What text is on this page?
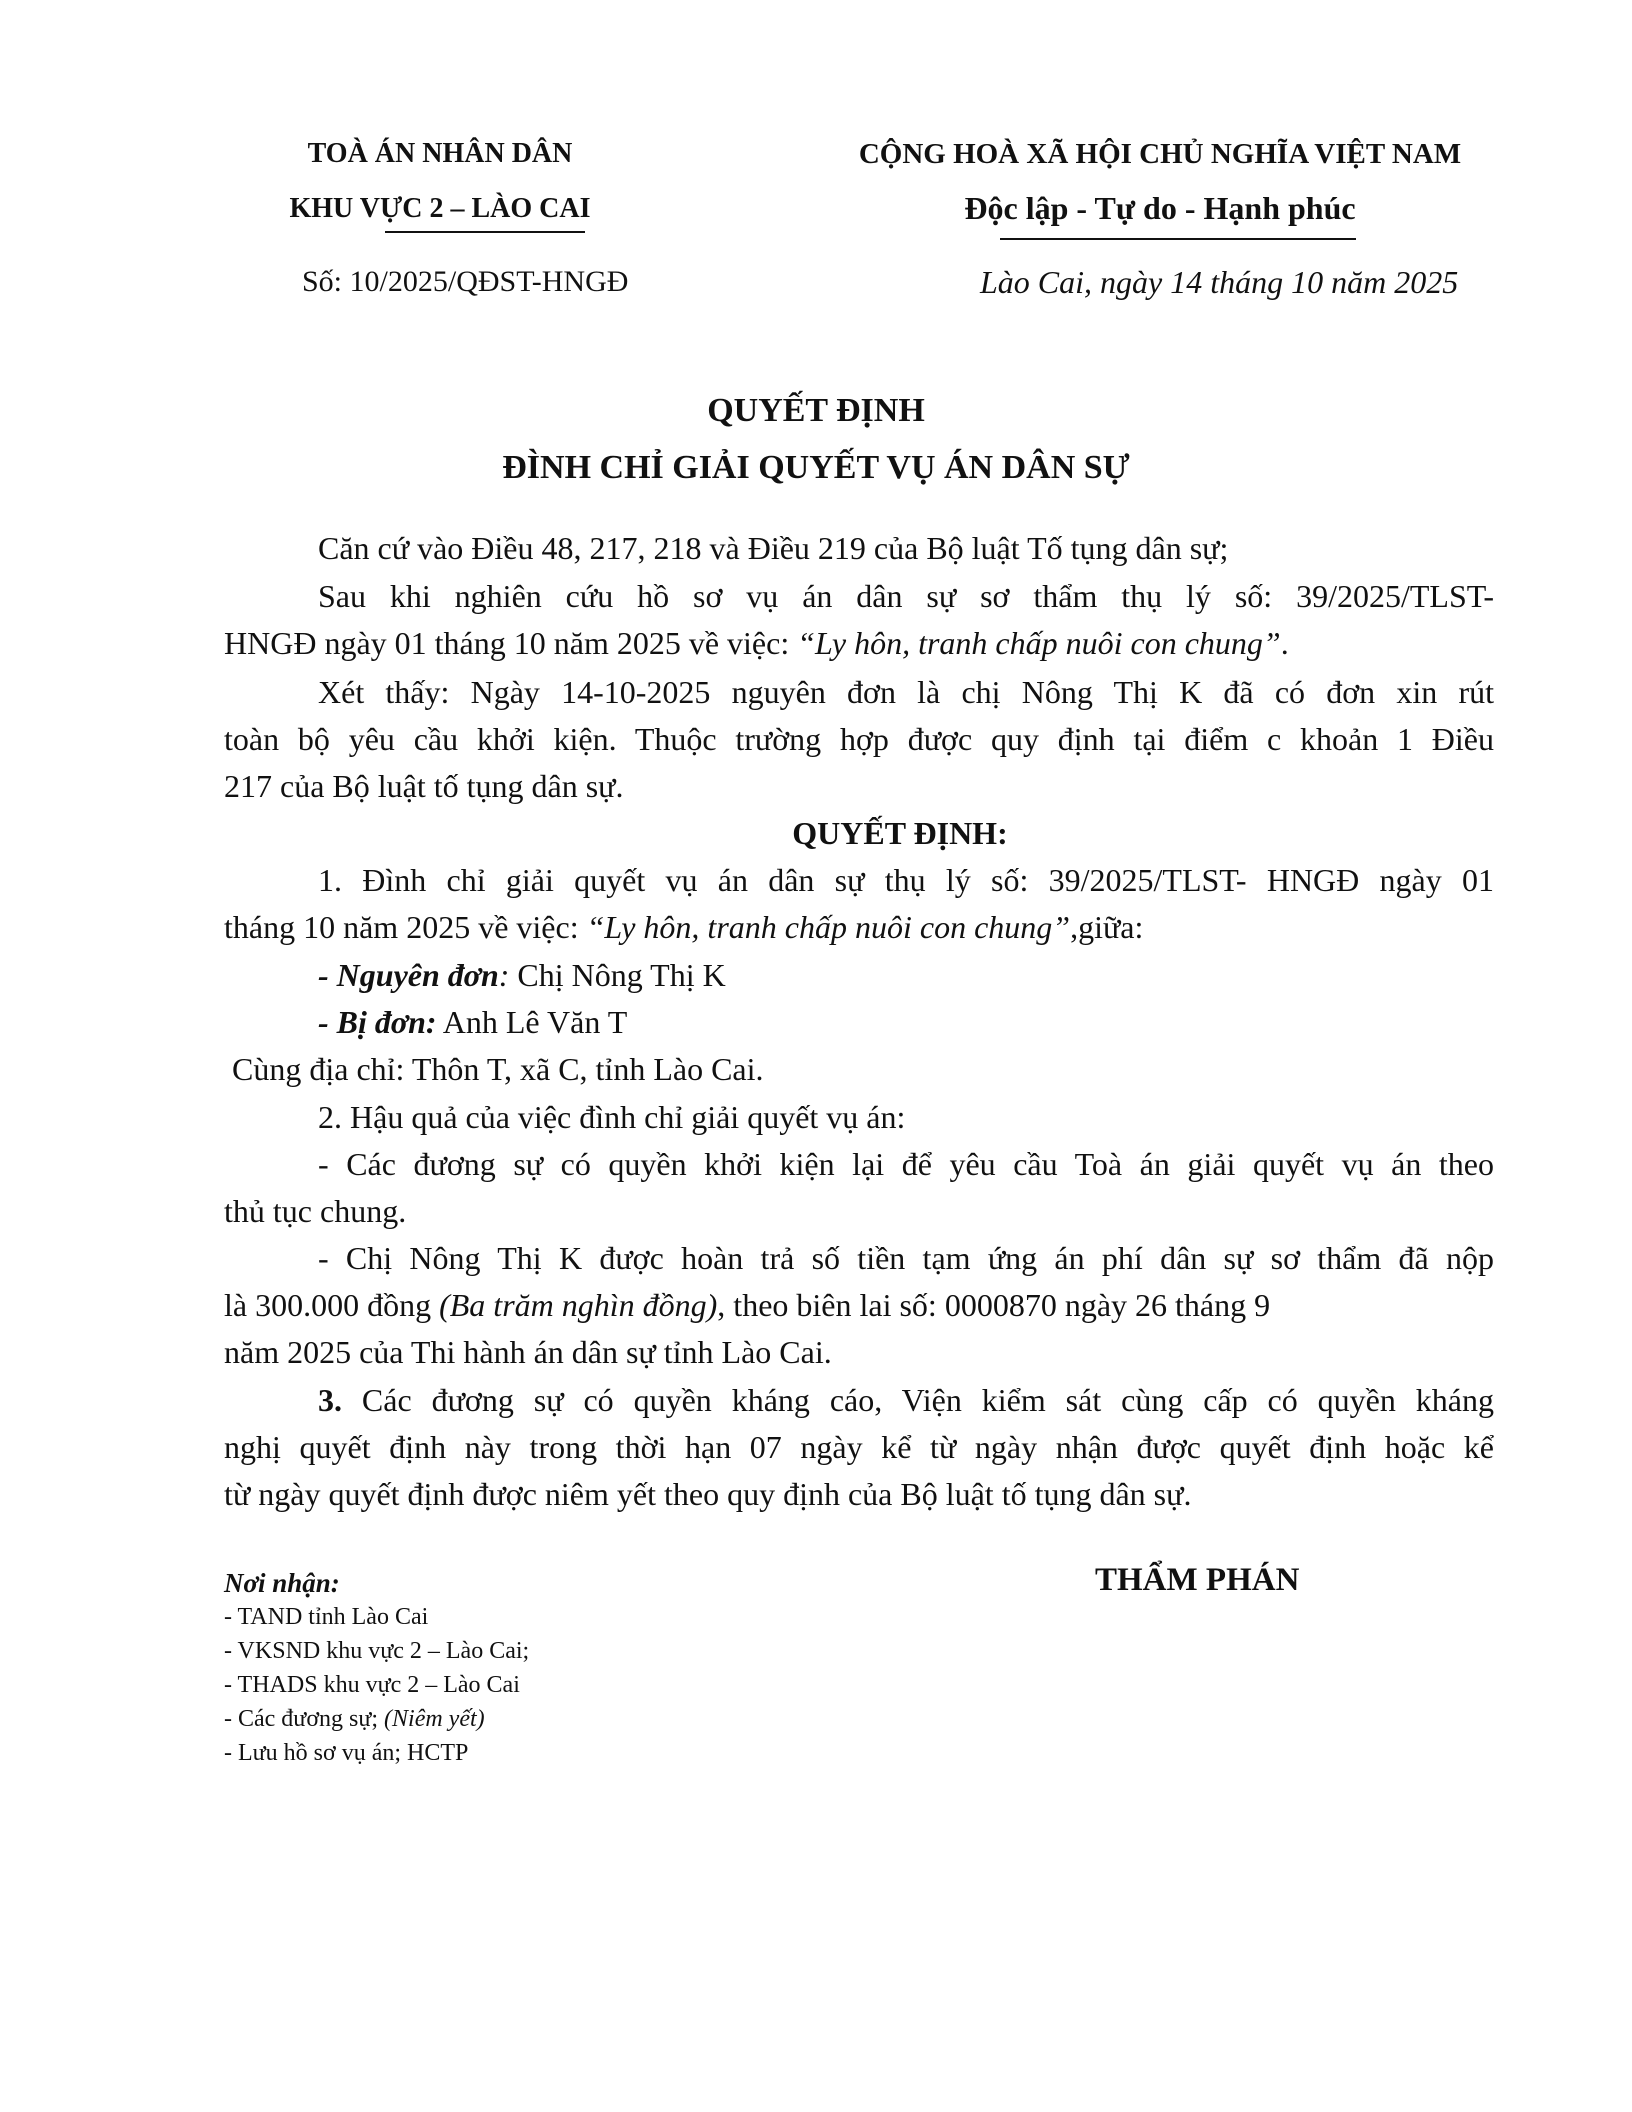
TOÀ ÁN NHÂN DÂN
KHU VỰC 2 – LÀO CAI
CỘNG HOÀ XÃ HỘI CHỦ NGHĨA VIỆT NAM
Độc lập - Tự do - Hạnh phúc
Số: 10/2025/QĐST-HNGĐ	Lào Cai, ngày 14 tháng 10 năm 2025
QUYẾT ĐỊNH
ĐÌNH CHỈ GIẢI QUYẾT VỤ ÁN DÂN SỰ
Căn cứ vào Điều 48, 217, 218 và Điều 219 của Bộ luật Tố tụng dân sự;
Sau khi nghiên cứu hồ sơ vụ án dân sự sơ thẩm thụ lý số: 39/2025/TLST-
HNGĐ ngày 01 tháng 10 năm 2025 về việc: “Ly hôn, tranh chấp nuôi con chung”.
Xét thấy: Ngày 14-10-2025 nguyên đơn là chị Nông Thị K đã có đơn xin rút
toàn bộ yêu cầu khởi kiện. Thuộc trường hợp được quy định tại điểm c khoản 1 Điều
217 của Bộ luật tố tụng dân sự.
QUYẾT ĐỊNH:
1. Đình chỉ giải quyết vụ án dân sự thụ lý số: 39/2025/TLST- HNGĐ ngày 01
tháng 10 năm 2025 về việc: “Ly hôn, tranh chấp nuôi con chung”,giữa:
- Nguyên đơn: Chị Nông Thị K
- Bị đơn: Anh Lê Văn T
Cùng địa chỉ: Thôn T, xã C, tỉnh Lào Cai.
2. Hậu quả của việc đình chỉ giải quyết vụ án:
- Các đương sự có quyền khởi kiện lại để yêu cầu Toà án giải quyết vụ án theo
thủ tục chung.
- Chị Nông Thị K được hoàn trả số tiền tạm ứng án phí dân sự sơ thẩm đã nộp
là 300.000 đồng (Ba trăm nghìn đồng), theo biên lai số: 0000870 ngày 26 tháng 9
năm 2025 của Thi hành án dân sự tỉnh Lào Cai.
3. Các đương sự có quyền kháng cáo, Viện kiểm sát cùng cấp có quyền kháng
nghị quyết định này trong thời hạn 07 ngày kể từ ngày nhận được quyết định hoặc kể
từ ngày quyết định được niêm yết theo quy định của Bộ luật tố tụng dân sự.
Nơi nhận:
- TAND tỉnh Lào Cai
- VKSND khu vực 2 – Lào Cai;
- THADS khu vực 2 – Lào Cai
- Các đương sự; (Niêm yết)
- Lưu hồ sơ vụ án; HCTP
THẨM PHÁN
